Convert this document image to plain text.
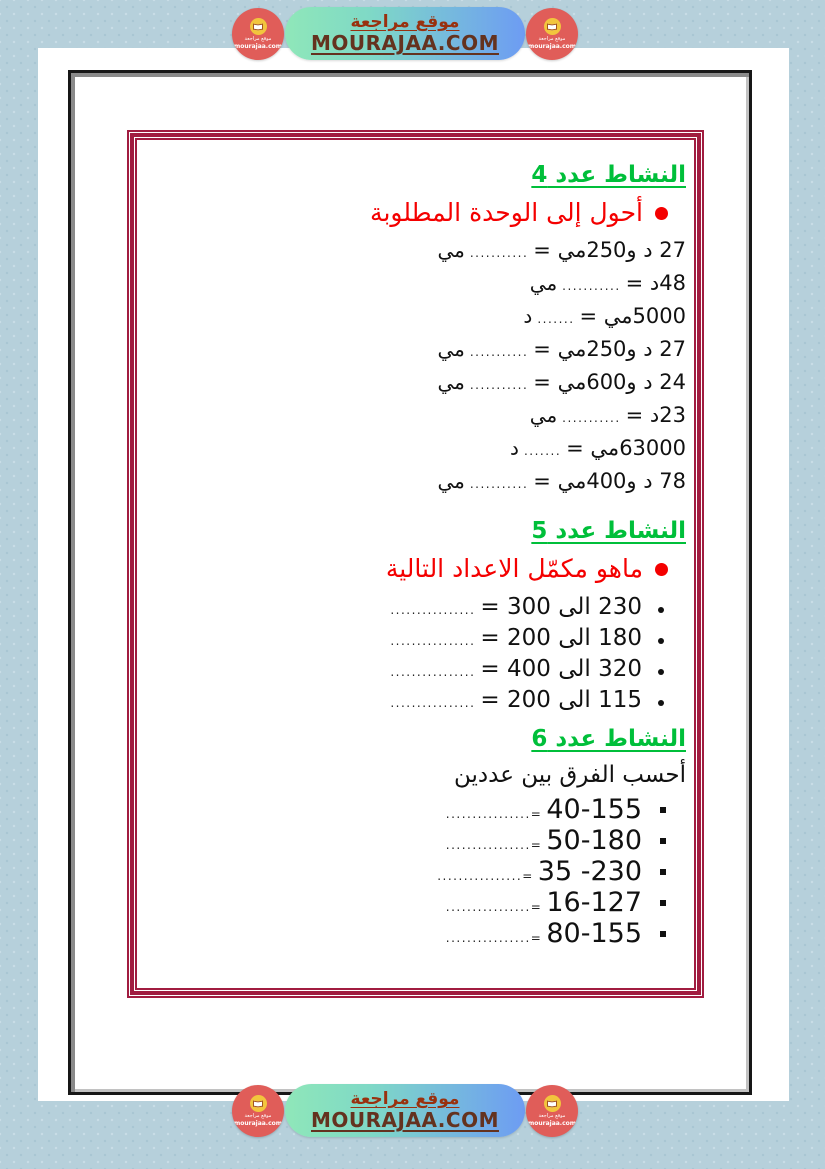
موقع مراجعة
mourajaa.com
موقع مراجعة
MOURAJAA.COM	موقع مراجعة
mourajaa.com
النشاط عدد 4
أحول إلى الوحدة المطلوبة
27 د و250مي =
...........
مي
48د =
...........
مي
5000مي =
.......
د
27 د و250مي =
...........
مي
24 د و600مي =
...........
مي
23د =
...........
مي
63000مي =
.......
د
78 د و400مي =
...........
مي
النشاط عدد 5
ماهو مكمّل الاعداد التالية
230 الى 300 =
................
180 الى 200 =
................
320 الى 400 =
................
115 الى 200 =
................
النشاط عدد 6
أحسب الفرق بين عددين
40-155
=................
50-180
=................
35 -230
=................
16-127
=................
80-155
=................
موقع مراجعة
mourajaa.com
موقع مراجعة
MOURAJAA.COM	موقع مراجعة
mourajaa.com
